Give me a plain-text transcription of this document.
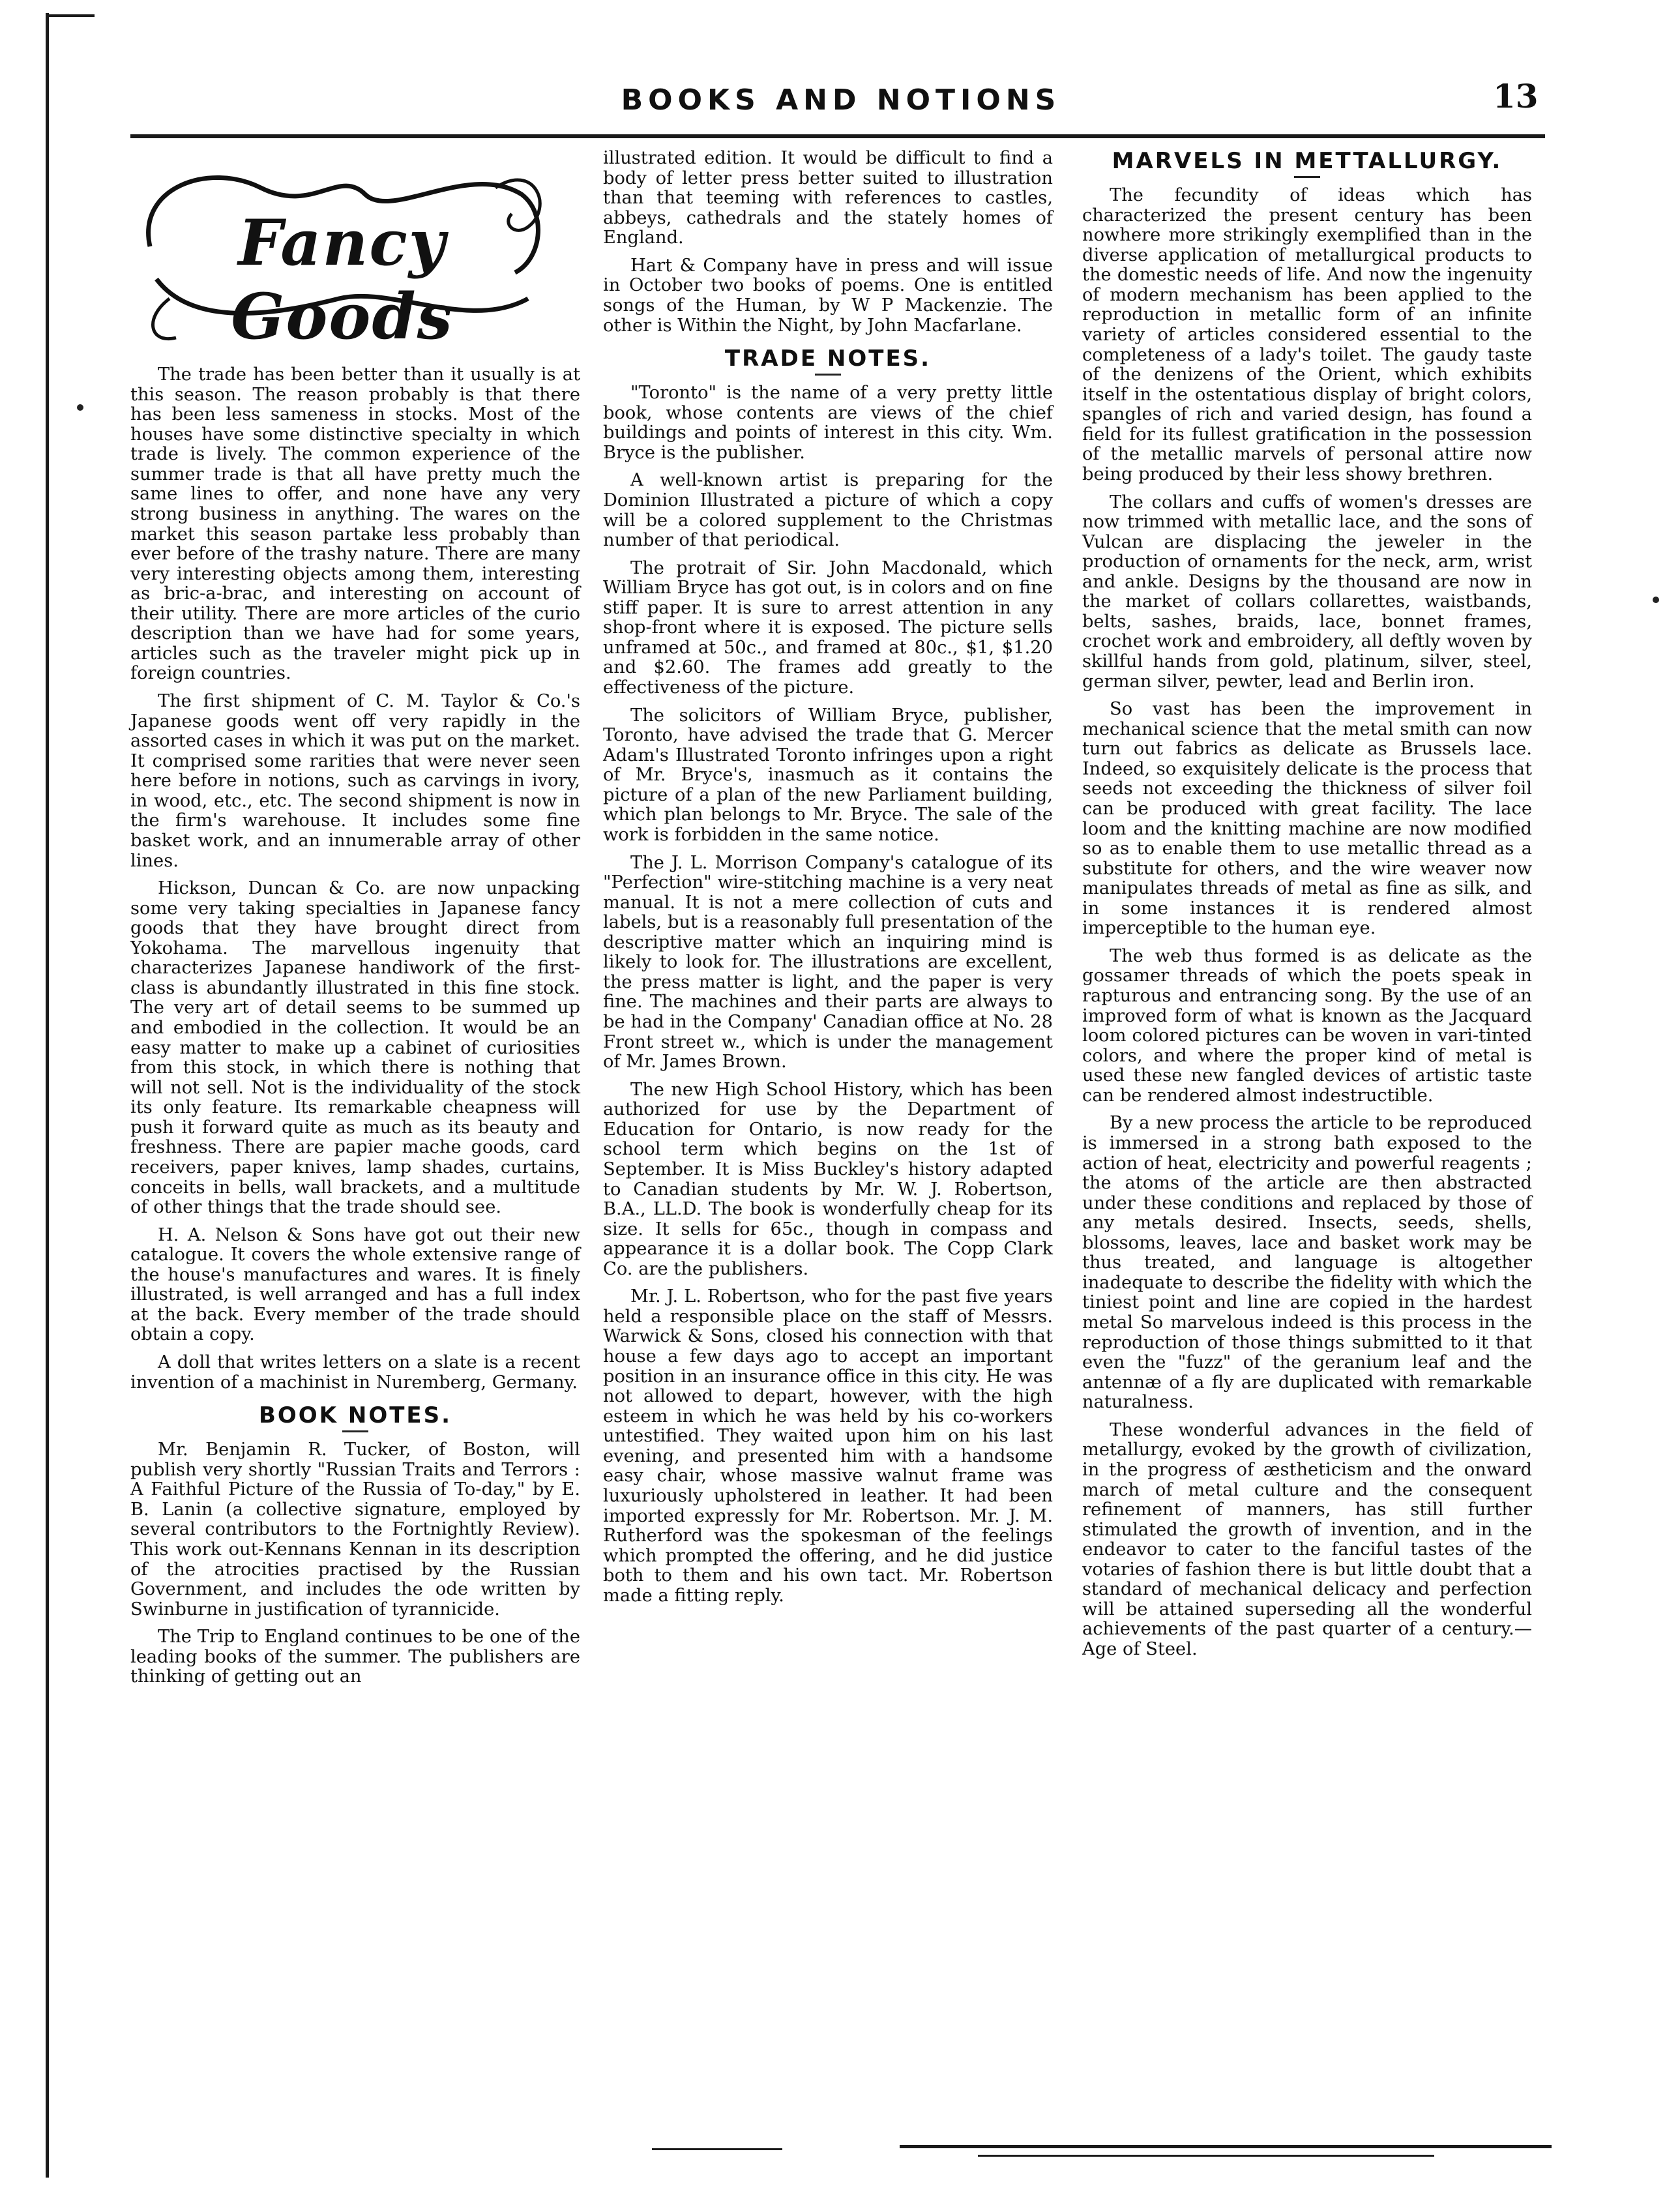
BOOKS AND NOTIONS	13
Fancy Goods

The trade has been better than it usually is at this season. The reason probably is that there has been less sameness in stocks. Most of the houses have some distinctive specialty in which trade is lively. The common experience of the summer trade is that all have pretty much the same lines to offer, and none have any very strong business in anything. The wares on the market this season partake less probably than ever before of the trashy nature. There are many very interesting objects among them, interesting as bric-a-brac, and interesting on account of their utility. There are more articles of the curio description than we have had for some years, articles such as the traveler might pick up in foreign countries.

The first shipment of C. M. Taylor & Co.'s Japanese goods went off very rapidly in the assorted cases in which it was put on the market. It comprised some rarities that were never seen here before in notions, such as carvings in ivory, in wood, etc., etc. The second shipment is now in the firm's warehouse. It includes some fine basket work, and an innumerable array of other lines.

Hickson, Duncan & Co. are now unpacking some very taking specialties in Japanese fancy goods that they have brought direct from Yokohama. The marvellous ingenuity that characterizes Japanese handiwork of the first-class is abundantly illustrated in this fine stock. The very art of detail seems to be summed up and embodied in the collection. It would be an easy matter to make up a cabinet of curiosities from this stock, in which there is nothing that will not sell. Not is the individuality of the stock its only feature. Its remarkable cheapness will push it forward quite as much as its beauty and freshness. There are papier mache goods, card receivers, paper knives, lamp shades, curtains, conceits in bells, wall brackets, and a multitude of other things that the trade should see.

H. A. Nelson & Sons have got out their new catalogue. It covers the whole extensive range of the house's manufactures and wares. It is finely illustrated, is well arranged and has a full index at the back. Every member of the trade should obtain a copy.

A doll that writes letters on a slate is a recent invention of a machinist in Nuremberg, Germany.

BOOK NOTES.

Mr. Benjamin R. Tucker, of Boston, will publish very shortly "Russian Traits and Terrors : A Faithful Picture of the Russia of To-day," by E. B. Lanin (a collective signature, employed by several contributors to the Fortnightly Review). This work out-Kennans Kennan in its description of the atrocities practised by the Russian Government, and includes the ode written by Swinburne in justification of tyrannicide.

The Trip to England continues to be one of the leading books of the summer. The publishers are thinking of getting out an

illustrated edition. It would be difficult to find a body of letter press better suited to illustration than that teeming with references to castles, abbeys, cathedrals and the stately homes of England.

Hart & Company have in press and will issue in October two books of poems. One is entitled songs of the Human, by W P Mackenzie. The other is Within the Night, by John Macfarlane.

TRADE NOTES.

"Toronto" is the name of a very pretty little book, whose contents are views of the chief buildings and points of interest in this city. Wm. Bryce is the publisher.

A well-known artist is preparing for the Dominion Illustrated a picture of which a copy will be a colored supplement to the Christmas number of that periodical.

The protrait of Sir. John Macdonald, which William Bryce has got out, is in colors and on fine stiff paper. It is sure to arrest attention in any shop-front where it is exposed. The picture sells unframed at 50c., and framed at 80c., $1, $1.20 and $2.60. The frames add greatly to the effectiveness of the picture.

The solicitors of William Bryce, publisher, Toronto, have advised the trade that G. Mercer Adam's Illustrated Toronto infringes upon a right of Mr. Bryce's, inasmuch as it contains the picture of a plan of the new Parliament building, which plan belongs to Mr. Bryce. The sale of the work is forbidden in the same notice.

The J. L. Morrison Company's catalogue of its "Perfection" wire-stitching machine is a very neat manual. It is not a mere collection of cuts and labels, but is a reasonably full presentation of the descriptive matter which an inquiring mind is likely to look for. The illustrations are excellent, the press matter is light, and the paper is very fine. The machines and their parts are always to be had in the Company' Canadian office at No. 28 Front street w., which is under the management of Mr. James Brown.

The new High School History, which has been authorized for use by the Department of Education for Ontario, is now ready for the school term which begins on the 1st of September. It is Miss Buckley's history adapted to Canadian students by Mr. W. J. Robertson, B.A., LL.D. The book is wonderfully cheap for its size. It sells for 65c., though in compass and appearance it is a dollar book. The Copp Clark Co. are the publishers.

Mr. J. L. Robertson, who for the past five years held a responsible place on the staff of Messrs. Warwick & Sons, closed his connection with that house a few days ago to accept an important position in an insurance office in this city. He was not allowed to depart, however, with the high esteem in which he was held by his co-workers untestified. They waited upon him on his last evening, and presented him with a handsome easy chair, whose massive walnut frame was luxuriously upholstered in leather. It had been imported expressly for Mr. Robertson. Mr. J. M. Rutherford was the spokesman of the feelings which prompted the offering, and he did justice both to them and his own tact. Mr. Robertson made a fitting reply.

MARVELS IN METTALLURGY.

The fecundity of ideas which has characterized the present century has been nowhere more strikingly exemplified than in the diverse application of metallurgical products to the domestic needs of life. And now the ingenuity of modern mechanism has been applied to the reproduction in metallic form of an infinite variety of articles considered essential to the completeness of a lady's toilet. The gaudy taste of the denizens of the Orient, which exhibits itself in the ostentatious display of bright colors, spangles of rich and varied design, has found a field for its fullest gratification in the possession of the metallic marvels of personal attire now being produced by their less showy brethren.

The collars and cuffs of women's dresses are now trimmed with metallic lace, and the sons of Vulcan are displacing the jeweler in the production of ornaments for the neck, arm, wrist and ankle. Designs by the thousand are now in the market of collars collarettes, waistbands, belts, sashes, braids, lace, bonnet frames, crochet work and embroidery, all deftly woven by skillful hands from gold, platinum, silver, steel, german silver, pewter, lead and Berlin iron.

So vast has been the improvement in mechanical science that the metal smith can now turn out fabrics as delicate as Brussels lace. Indeed, so exquisitely delicate is the process that seeds not exceeding the thickness of silver foil can be produced with great facility. The lace loom and the knitting machine are now modified so as to enable them to use metallic thread as a substitute for others, and the wire weaver now manipulates threads of metal as fine as silk, and in some instances it is rendered almost imperceptible to the human eye.

The web thus formed is as delicate as the gossamer threads of which the poets speak in rapturous and entrancing song. By the use of an improved form of what is known as the Jacquard loom colored pictures can be woven in vari-tinted colors, and where the proper kind of metal is used these new fangled devices of artistic taste can be rendered almost indestructible.

By a new process the article to be reproduced is immersed in a strong bath exposed to the action of heat, electricity and powerful reagents ; the atoms of the article are then abstracted under these conditions and replaced by those of any metals desired. Insects, seeds, shells, blossoms, leaves, lace and basket work may be thus treated, and language is altogether inadequate to describe the fidelity with which the tiniest point and line are copied in the hardest metal So marvelous indeed is this process in the reproduction of those things submitted to it that even the "fuzz" of the geranium leaf and the antennæ of a fly are duplicated with remarkable naturalness.

These wonderful advances in the field of metallurgy, evoked by the growth of civilization, in the progress of æstheticism and the onward march of metal culture and the consequent refinement of manners, has still further stimulated the growth of invention, and in the endeavor to cater to the fanciful tastes of the votaries of fashion there is but little doubt that a standard of mechanical delicacy and perfection will be attained superseding all the wonderful achievements of the past quarter of a century.—Age of Steel.
